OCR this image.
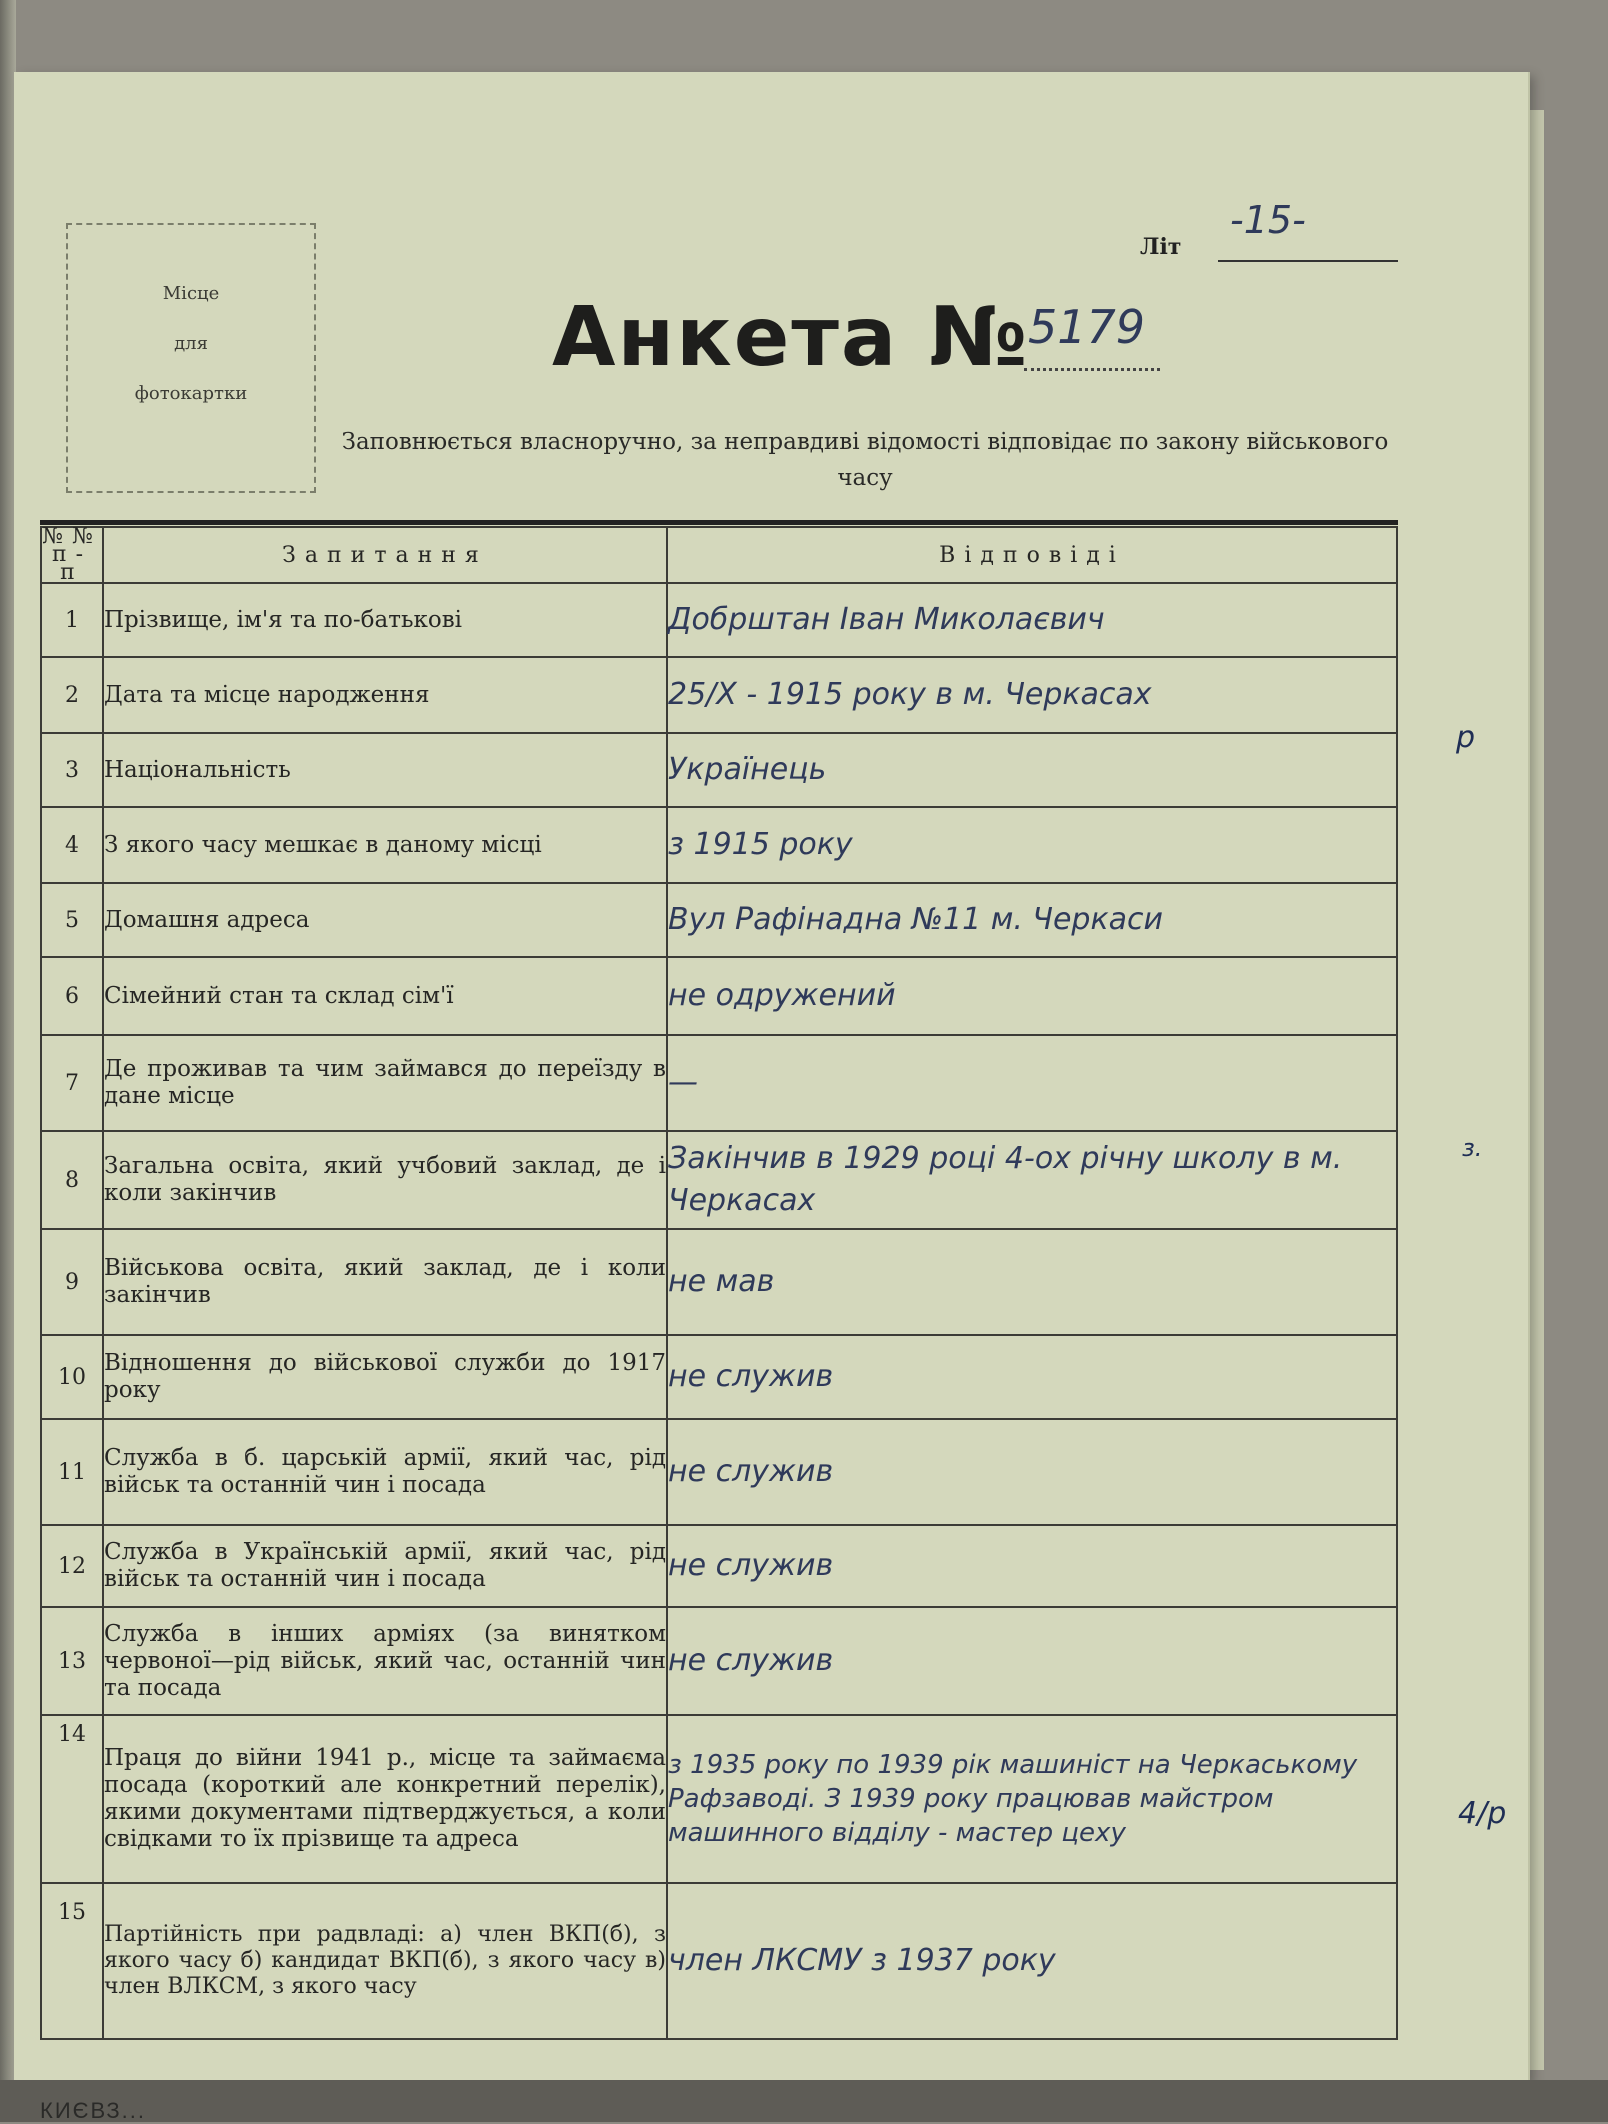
Місце
для
фотокартки
Літ
-15-
Анкета №
5179
Заповнюється власноручно, за неправдиві відомості відповідає по закону військового часу
№№ п-п	Запитання	Відповіді
1	Прізвище, ім'я та по-батькові	Добрштан Іван Миколаєвич
2	Дата та місце народження	25/X - 1915 року в м. Черкасах
3	Національність	Українець
4	З якого часу мешкає в даному місці	з 1915 року
5	Домашня адреса	Вул Рафінадна №11 м. Черкаси
6	Сімейний стан та склад сім'ї	не одружений
7	Де проживав та чим займався до переїзду в дане місце	—
8	Загальна освіта, який учбовий заклад, де і коли закінчив	Закінчив в 1929 році 4-ох річну школу в м. Черкасах
9	Військова освіта, який заклад, де і коли закінчив	не мав
10	Відношення до військової служби до 1917 року	не служив
11	Служба в б. царській армії, який час, рід військ та останній чин і посада	не служив
12	Служба в Українській армії, який час, рід військ та останній чин і посада	не служив
13	Служба в інших арміях (за винятком червоної—рід військ, який час, останній чин та посада	не служив
14	Праця до війни 1941 р., місце та займаєма посада (короткий але конкретний перелік), якими документами підтверджується, а коли свідками то їх прізвище та адреса	з 1935 року по 1939 рік машиніст на Черкаському Рафзаводі. З 1939 року працював майстром машинного відділу - мастер цеху
15	Партійність при радвладі: а) член ВКП(б), з якого часу б) кандидат ВКП(б), з якого часу в) член ВЛКСМ, з якого часу	член ЛКСМУ з 1937 року
р
з.
4/р
КИЄВЗ...
